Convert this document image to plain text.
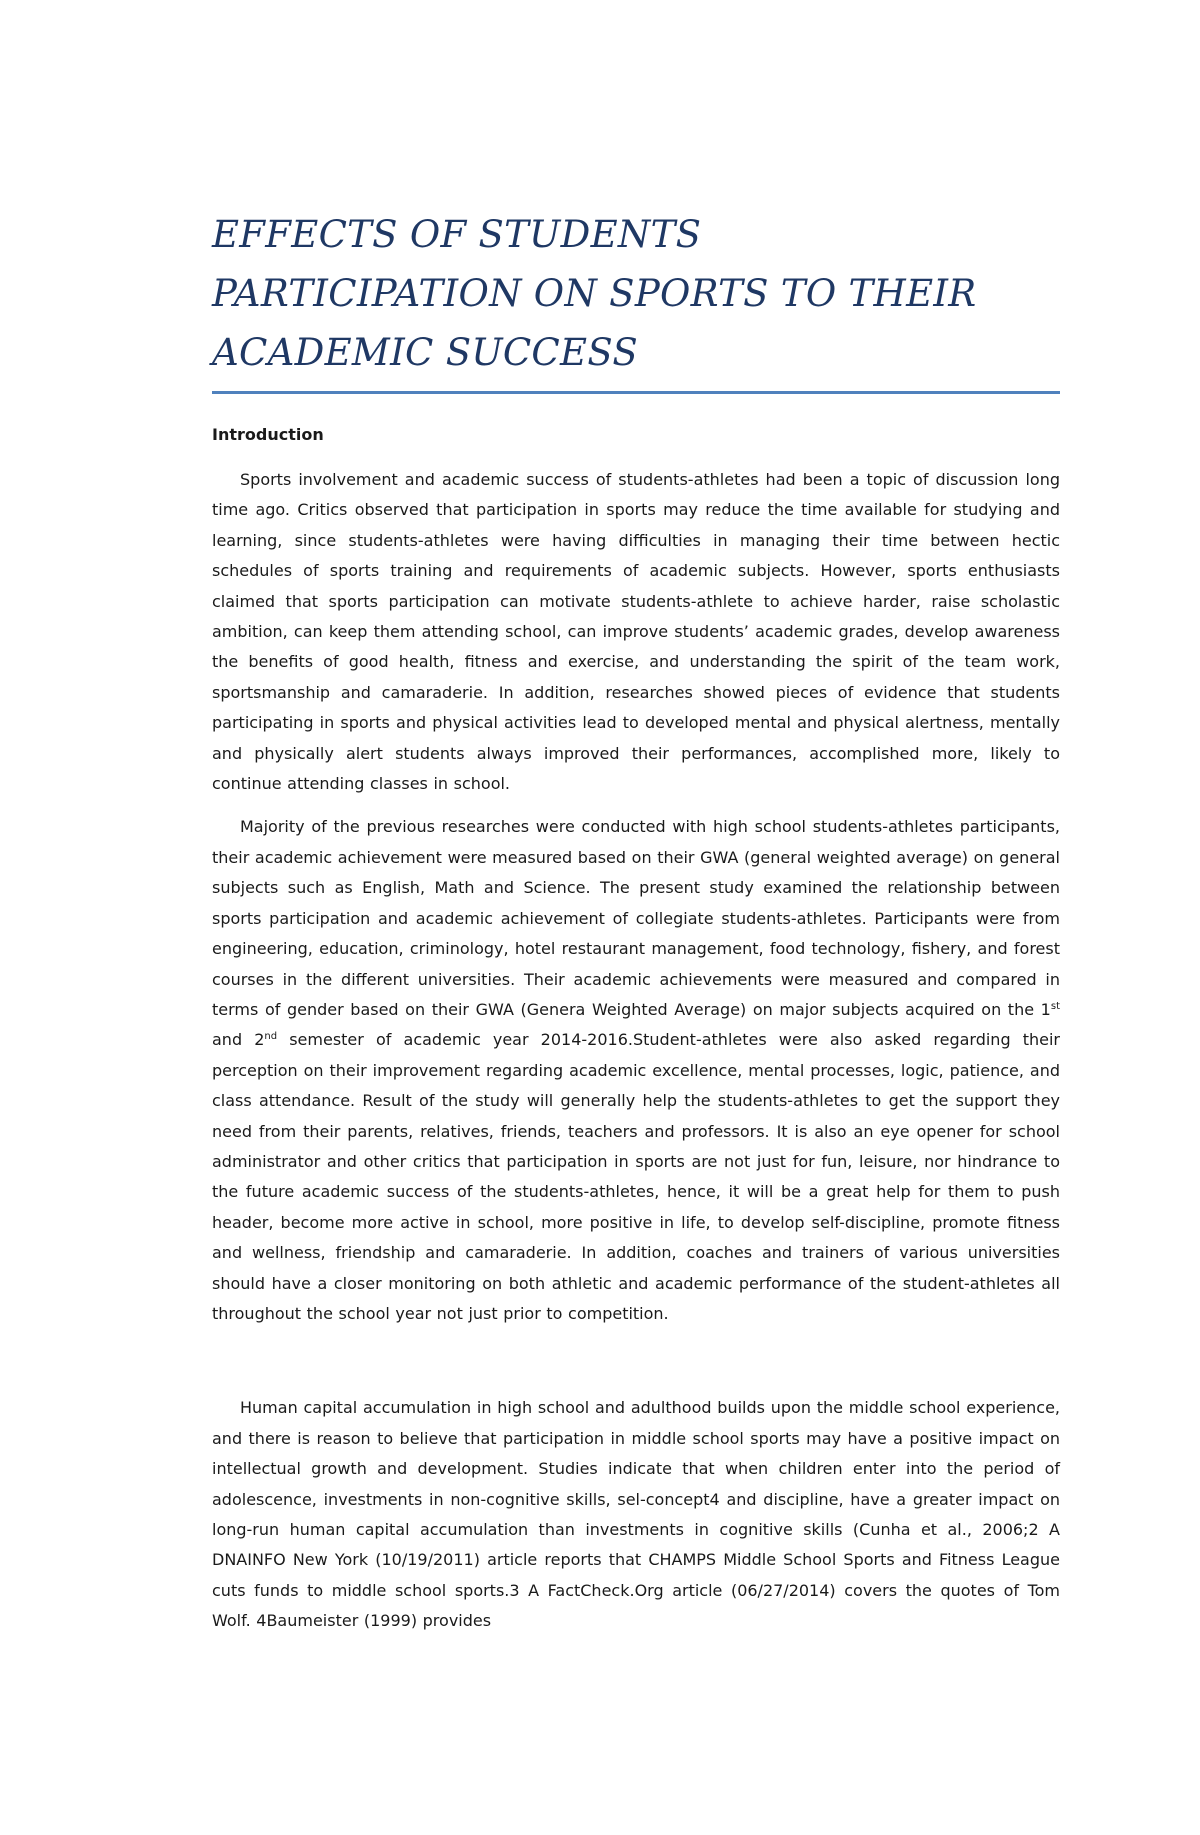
EFFECTS OF STUDENTS
PARTICIPATION ON SPORTS TO THEIR
ACADEMIC SUCCESS
Introduction

Sports involvement and academic success of students-athletes had been a topic of discussion long time ago. Critics observed that participation in sports may reduce the time available for studying and learning, since students-athletes were having difficulties in managing their time between hectic schedules of sports training and requirements of academic subjects. However, sports enthusiasts claimed that sports participation can motivate students-athlete to achieve harder, raise scholastic ambition, can keep them attending school, can improve students’ academic grades, develop awareness the benefits of good health, fitness and exercise, and understanding the spirit of the team work, sportsmanship and camaraderie. In addition, researches showed pieces of evidence that students participating in sports and physical activities lead to developed mental and physical alertness, mentally and physically alert students always improved their performances, accomplished more, likely to continue attending classes in school.

Majority of the previous researches were conducted with high school students-athletes participants, their academic achievement were measured based on their GWA (general weighted average) on general subjects such as English, Math and Science. The present study examined the relationship between sports participation and academic achievement of collegiate students-athletes. Participants were from engineering, education, criminology, hotel restaurant management, food technology, fishery, and forest courses in the different universities. Their academic achievements were measured and compared in terms of gender based on their GWA (Genera Weighted Average) on major subjects acquired on the 1st and 2nd semester of academic year 2014-2016.Student-athletes were also asked regarding their perception on their improvement regarding academic excellence, mental processes, logic, patience, and class attendance. Result of the study will generally help the students-athletes to get the support they need from their parents, relatives, friends, teachers and professors. It is also an eye opener for school administrator and other critics that participation in sports are not just for fun, leisure, nor hindrance to the future academic success of the students-athletes, hence, it will be a great help for them to push header, become more active in school, more positive in life, to develop self-discipline, promote fitness and wellness, friendship and camaraderie. In addition, coaches and trainers of various universities should have a closer monitoring on both athletic and academic performance of the student-athletes all throughout the school year not just prior to competition.

Human capital accumulation in high school and adulthood builds upon the middle school experience, and there is reason to believe that participation in middle school sports may have a positive impact on intellectual growth and development. Studies indicate that when children enter into the period of adolescence, investments in non-cognitive skills, sel-concept4 and discipline, have a greater impact on long-run human capital accumulation than investments in cognitive skills (Cunha et al., 2006;2 A DNAINFO New York (10/19/2011) article reports that CHAMPS Middle School Sports and Fitness League cuts funds to middle school sports.3 A FactCheck.Org article (06/27/2014) covers the quotes of Tom Wolf. 4Baumeister (1999) provides
